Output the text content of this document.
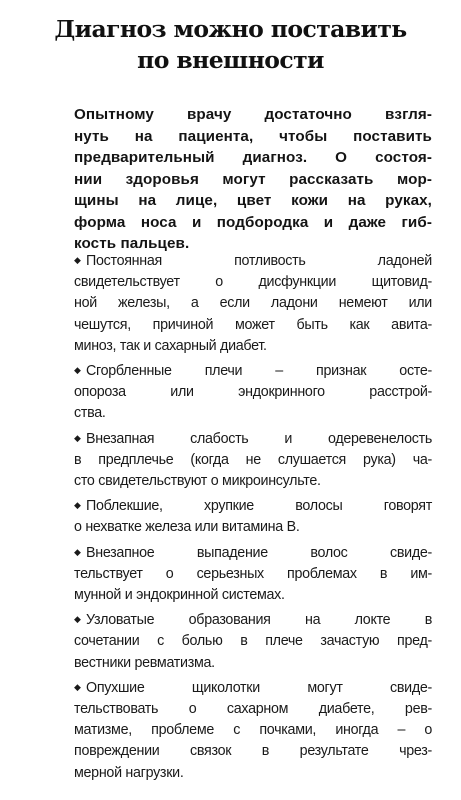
Диагноз можно поставить
по внешности

Опытному врачу достаточно взгля-
нуть на пациента, чтобы поставить
предварительный диагноз. О состоя-
нии здоровья могут рассказать мор-
щины на лице, цвет кожи на руках,
форма носа и подбородка и даже гиб-
кость пальцев.

◆ Постоянная потливость ладоней
свидетельствует о дисфункции щитовид-
ной железы, а если ладони немеют или
чешутся, причиной может быть как авита-
миноз, так и сахарный диабет.
◆ Сгорбленные плечи – признак осте-
опороза или эндокринного расстрой-
ства.
◆ Внезапная слабость и одеревенелость
в предплечье (когда не слушается рука) ча-
сто свидетельствуют о микроинсульте.
◆ Поблекшие, хрупкие волосы говорят
о нехватке железа или витамина В.
◆ Внезапное выпадение волос свиде-
тельствует о серьезных проблемах в им-
мунной и эндокринной системах.
◆ Узловатые образования на локте в
сочетании с болью в плече зачастую пред-
вестники ревматизма.
◆ Опухшие щиколотки могут свиде-
тельствовать о сахарном диабете, рев-
матизме, проблеме с почками, иногда – о
повреждении связок в результате чрез-
мерной нагрузки.
